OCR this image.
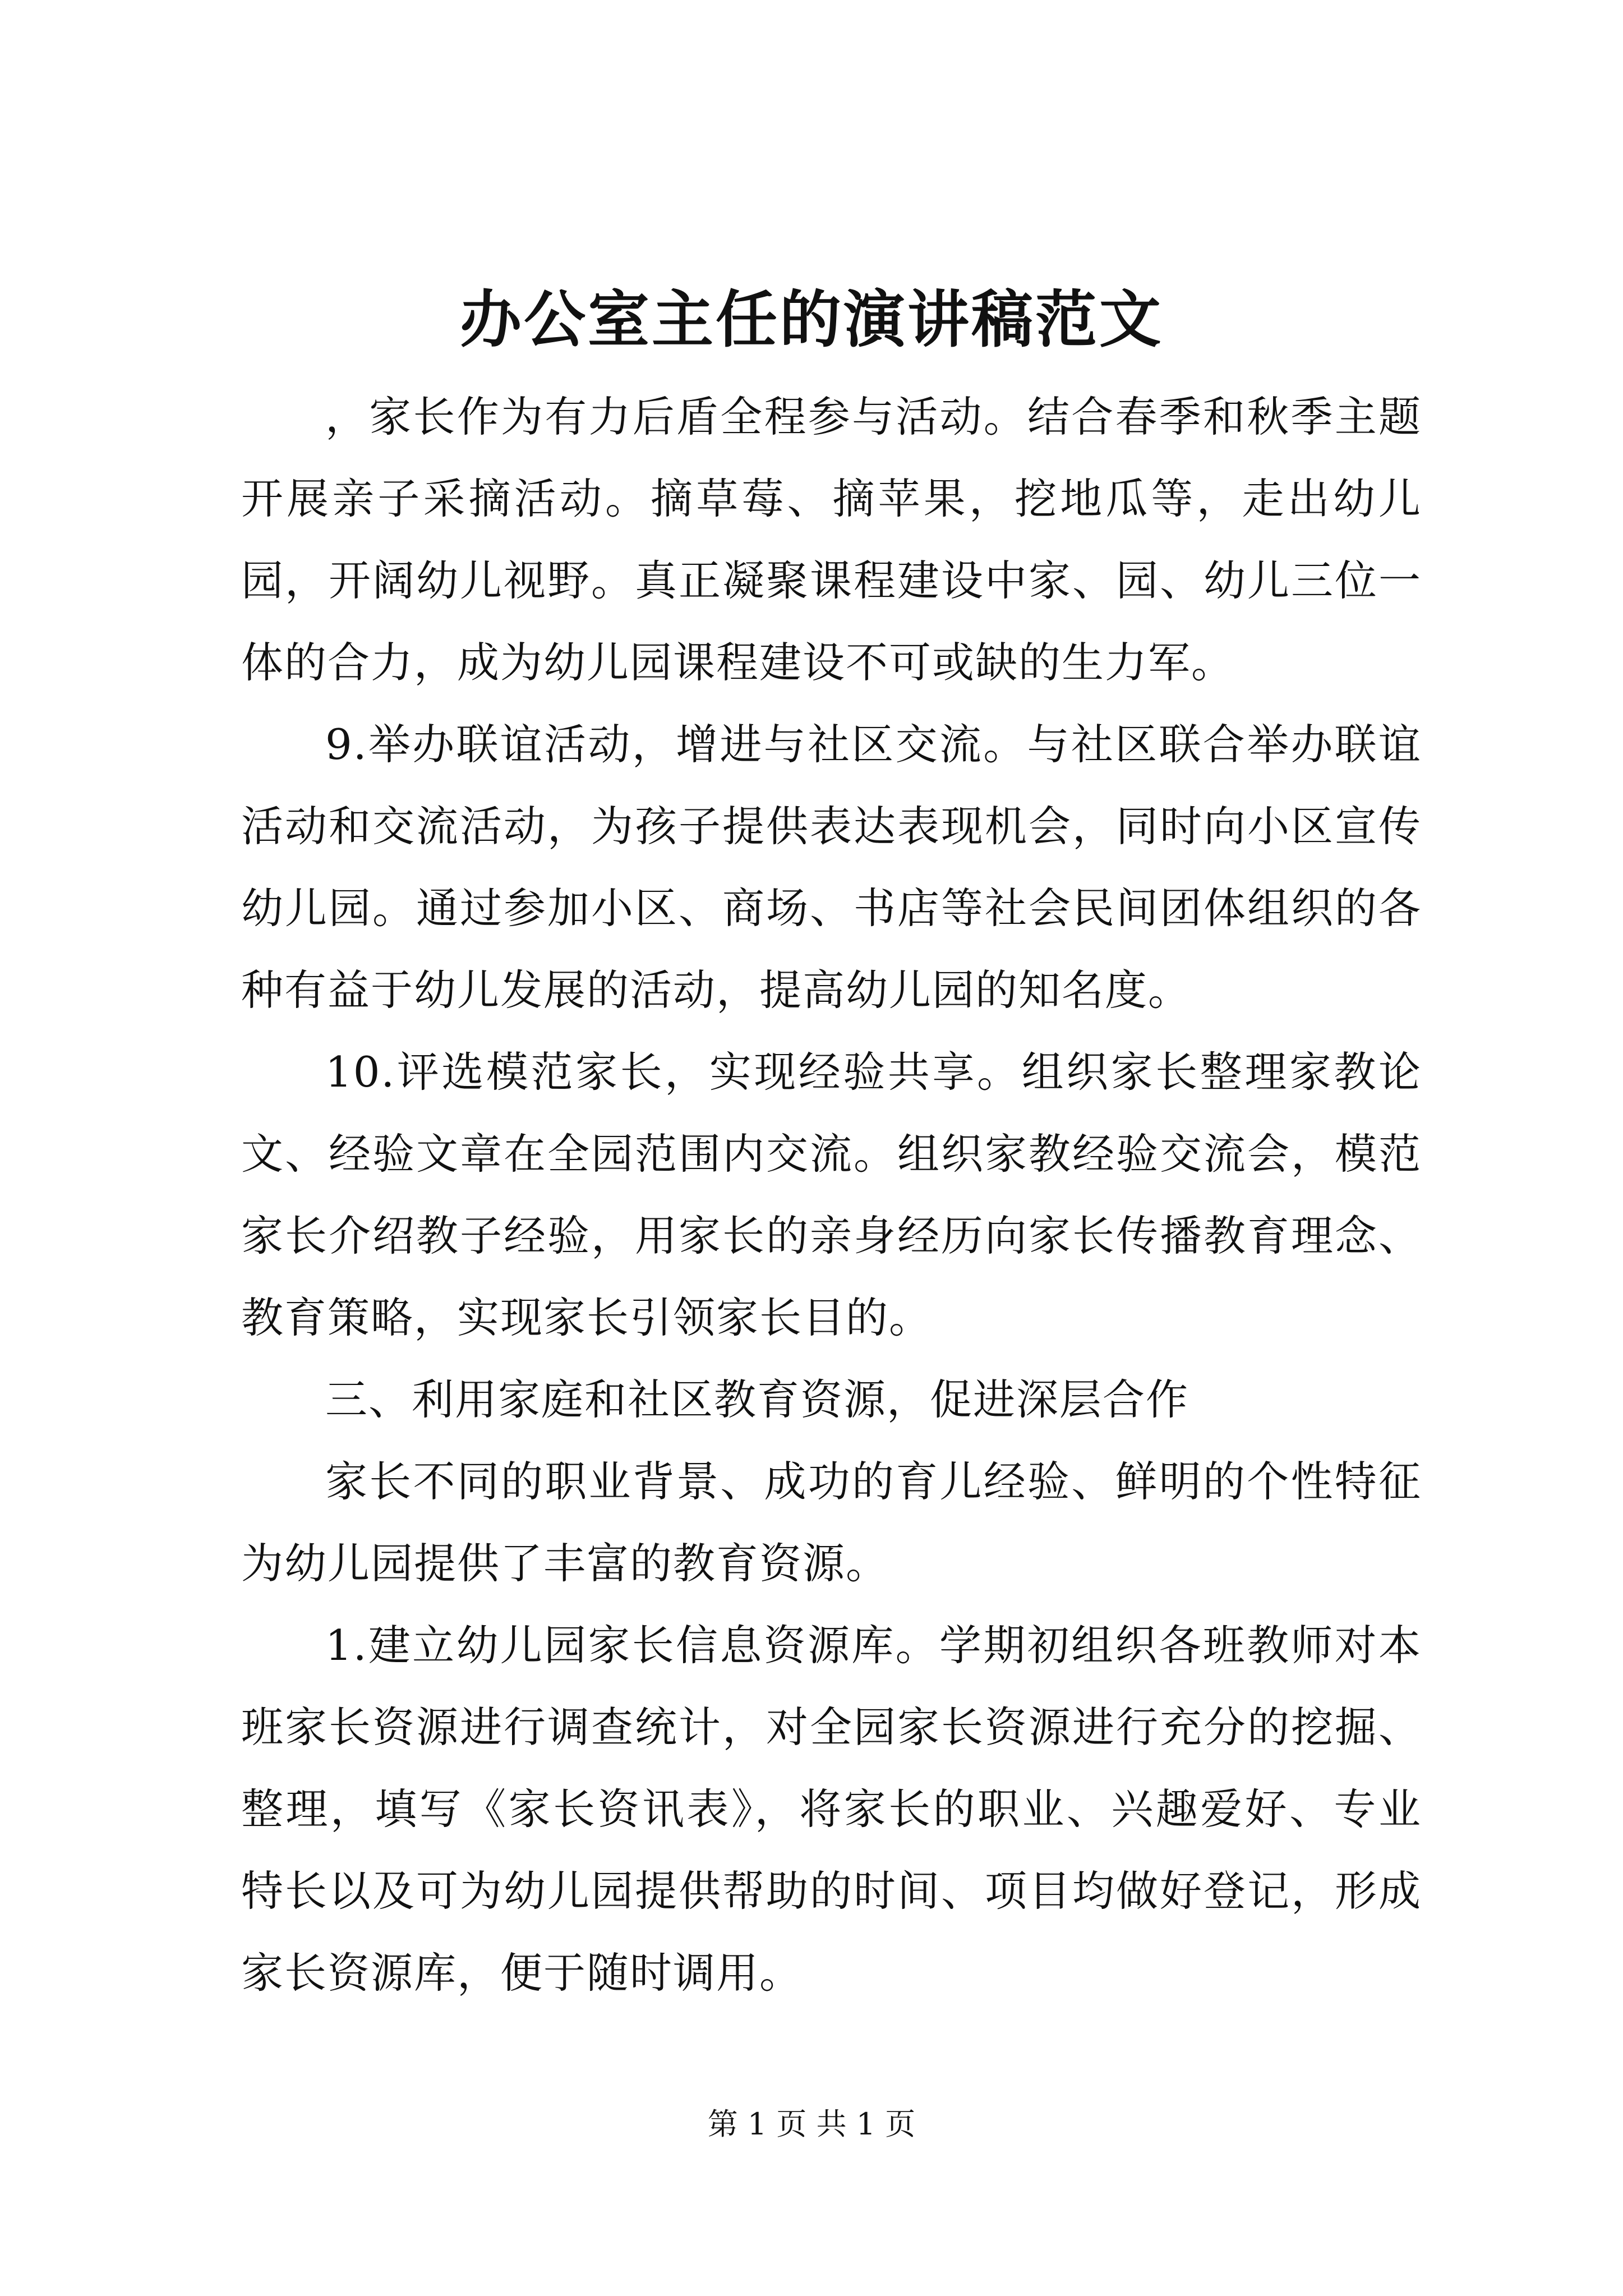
办公室主任的演讲稿范文

，家长作为有力后盾全程参与活动。结合春季和秋季主题开展亲子采摘活动。摘草莓、摘苹果，挖地瓜等，走出幼儿园，开阔幼儿视野。真正凝聚课程建设中家、园、幼儿三位一体的合力，成为幼儿园课程建设不可或缺的生力军。

9.举办联谊活动，增进与社区交流。与社区联合举办联谊活动和交流活动，为孩子提供表达表现机会，同时向小区宣传幼儿园。通过参加小区、商场、书店等社会民间团体组织的各种有益于幼儿发展的活动，提高幼儿园的知名度。

10.评选模范家长，实现经验共享。组织家长整理家教论文、经验文章在全园范围内交流。组织家教经验交流会，模范家长介绍教子经验，用家长的亲身经历向家长传播教育理念、教育策略，实现家长引领家长目的。

三、利用家庭和社区教育资源，促进深层合作

家长不同的职业背景、成功的育儿经验、鲜明的个性特征为幼儿园提供了丰富的教育资源。

1.建立幼儿园家长信息资源库。学期初组织各班教师对本班家长资源进行调查统计，对全园家长资源进行充分的挖掘、整理，填写《家长资讯表》，将家长的职业、兴趣爱好、专业特长以及可为幼儿园提供帮助的时间、项目均做好登记，形成家长资源库，便于随时调用。

第 1 页 共 1 页
